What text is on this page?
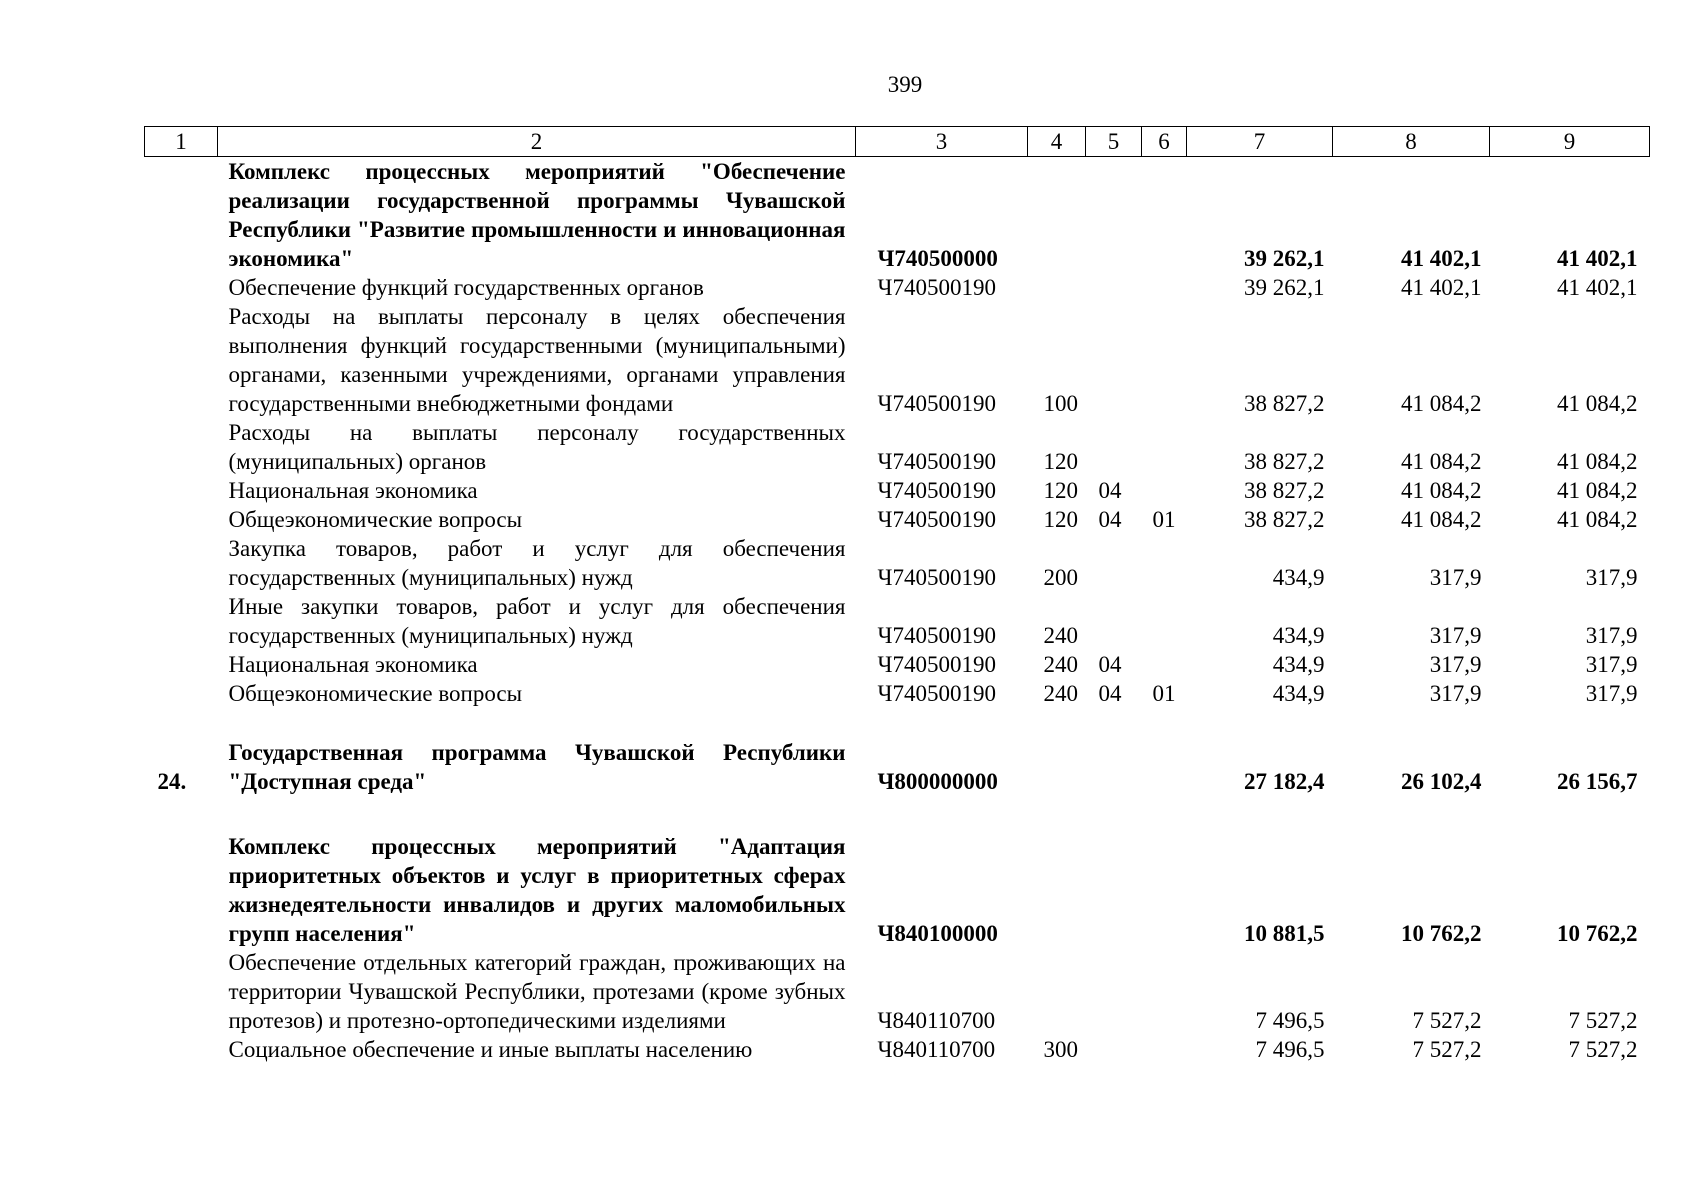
399
1	2	3	4	5	6	7	8	9
	Комплекс процессных мероприятий "Обеспечение реализации государственной программы Чувашской Республики "Развитие промышленности и инновационная экономика"	Ч740500000				39 262,1	41 402,1	41 402,1
	Обеспечение функций государственных органов	Ч740500190				39 262,1	41 402,1	41 402,1
	Расходы на выплаты персоналу в целях обеспечения выполнения функций государственными (муниципальными) органами, казенными учреждениями, органами управления государственными внебюджетными фондами	Ч740500190	100			38 827,2	41 084,2	41 084,2
	Расходы на выплаты персоналу государственных (муниципальных) органов	Ч740500190	120			38 827,2	41 084,2	41 084,2
	Национальная экономика	Ч740500190	120	04		38 827,2	41 084,2	41 084,2
	Общеэкономические вопросы	Ч740500190	120	04	01	38 827,2	41 084,2	41 084,2
	Закупка товаров, работ и услуг для обеспечения государственных (муниципальных) нужд	Ч740500190	200			434,9	317,9	317,9
	Иные закупки товаров, работ и услуг для обеспечения государственных (муниципальных) нужд	Ч740500190	240			434,9	317,9	317,9
	Национальная экономика	Ч740500190	240	04		434,9	317,9	317,9
	Общеэкономические вопросы	Ч740500190	240	04	01	434,9	317,9	317,9

24.	Государственная программа Чувашской Республики "Доступная среда"	Ч800000000				27 182,4	26 102,4	26 156,7

	Комплекс процессных мероприятий "Адаптация приоритетных объектов и услуг в приоритетных сферах жизнедеятельности инвалидов и других маломобильных групп населения"	Ч840100000				10 881,5	10 762,2	10 762,2
	Обеспечение отдельных категорий граждан, проживающих на территории Чувашской Республики, протезами (кроме зубных протезов) и протезно-ортопедическими изделиями	Ч840110700				7 496,5	7 527,2	7 527,2
	Социальное обеспечение и иные выплаты населению	Ч840110700	300			7 496,5	7 527,2	7 527,2
